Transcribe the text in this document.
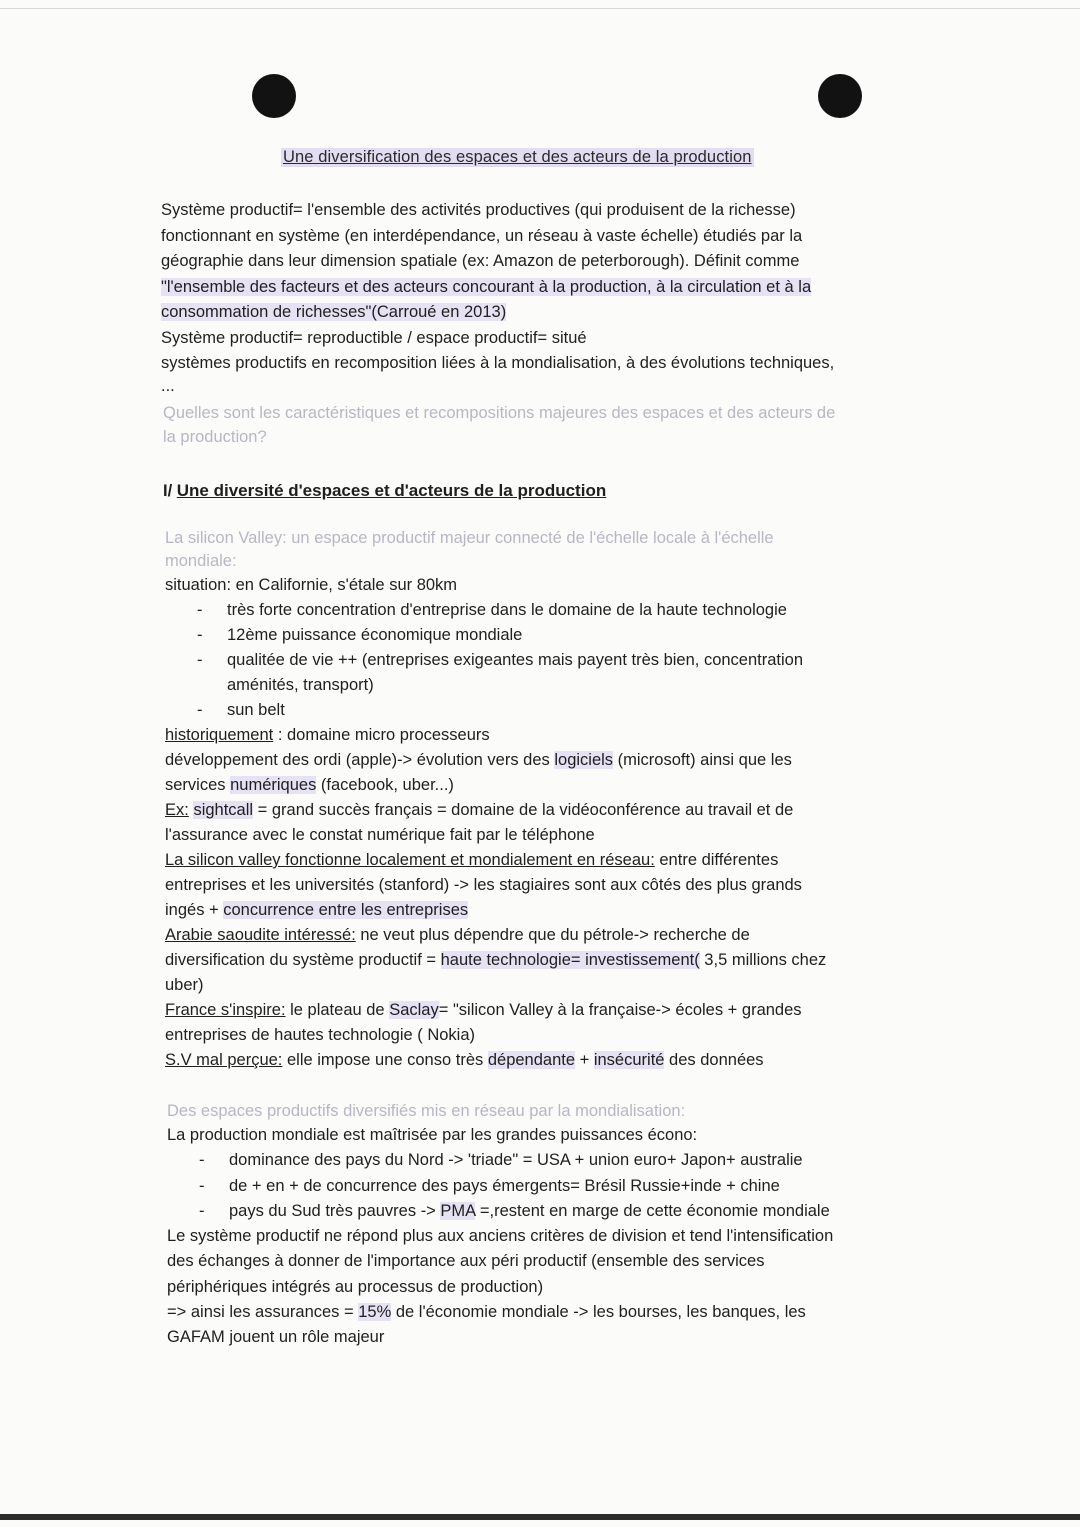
Une diversification des espaces et des acteurs de la production
Système productif= l'ensemble des activités productives (qui produisent de la richesse)
fonctionnant en système (en interdépendance, un réseau à vaste échelle) étudiés par la
géographie dans leur dimension spatiale (ex: Amazon de peterborough). Définit comme
"l'ensemble des facteurs et des acteurs concourant à la production, à la circulation et à la
consommation de richesses"(Carroué en 2013)
Système productif= reproductible / espace productif= situé
systèmes productifs en recomposition liées à la mondialisation, à des évolutions techniques,
...
Quelles sont les caractéristiques et recompositions majeures des espaces et des acteurs de
la production?
I/ Une diversité d'espaces et d'acteurs de la production
La silicon Valley: un espace productif majeur connecté de l'échelle locale à l'échelle
mondiale:
situation: en Californie, s'étale sur 80km
- très forte concentration d'entreprise dans le domaine de la haute technologie
- 12ème puissance économique mondiale
- qualitée de vie ++ (entreprises exigeantes mais payent très bien, concentration
aménités, transport)
- sun belt
historiquement : domaine micro processeurs
développement des ordi (apple)-> évolution vers des logiciels (microsoft) ainsi que les
services numériques (facebook, uber...)
Ex: sightcall = grand succès français = domaine de la vidéoconférence au travail et de
l'assurance avec le constat numérique fait par le téléphone
La silicon valley fonctionne localement et mondialement en réseau: entre différentes
entreprises et les universités (stanford) -> les stagiaires sont aux côtés des plus grands
ingés + concurrence entre les entreprises
Arabie saoudite intéressé: ne veut plus dépendre que du pétrole-> recherche de
diversification du système productif = haute technologie= investissement( 3,5 millions chez
uber)
France s'inspire: le plateau de Saclay= "silicon Valley à la française-> écoles + grandes
entreprises de hautes technologie ( Nokia)
S.V mal perçue: elle impose une conso très dépendante + insécurité des données
Des espaces productifs diversifiés mis en réseau par la mondialisation:
La production mondiale est maîtrisée par les grandes puissances écono:
- dominance des pays du Nord -> 'triade" = USA + union euro+ Japon+ australie
- de + en + de concurrence des pays émergents= Brésil Russie+inde + chine
- pays du Sud très pauvres -> PMA =,restent en marge de cette économie mondiale
Le système productif ne répond plus aux anciens critères de division et tend l'intensification
des échanges à donner de l'importance aux péri productif (ensemble des services
périphériques intégrés au processus de production)
=> ainsi les assurances = 15% de l'économie mondiale -> les bourses, les banques, les
GAFAM jouent un rôle majeur
